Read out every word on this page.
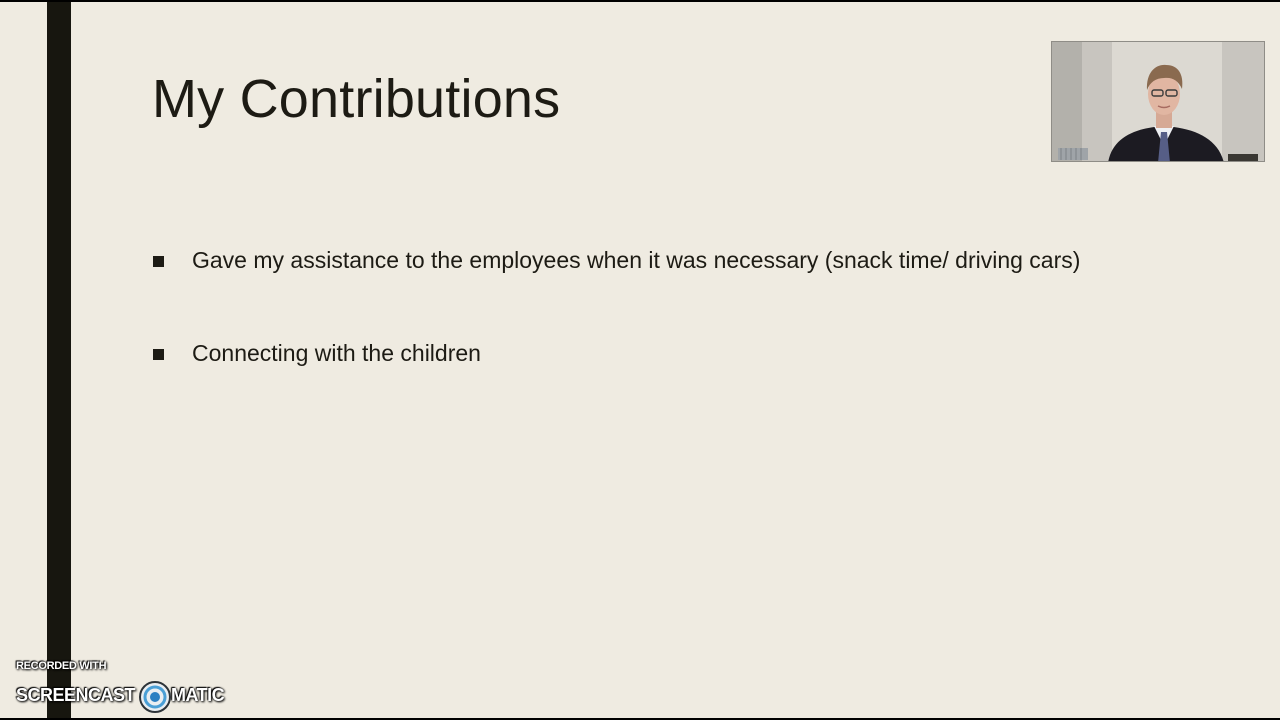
My Contributions
Gave my assistance to the employees when it was necessary (snack time/ driving cars)
Connecting with the children
RECORDED WITH
SCREENCAST MATIC
